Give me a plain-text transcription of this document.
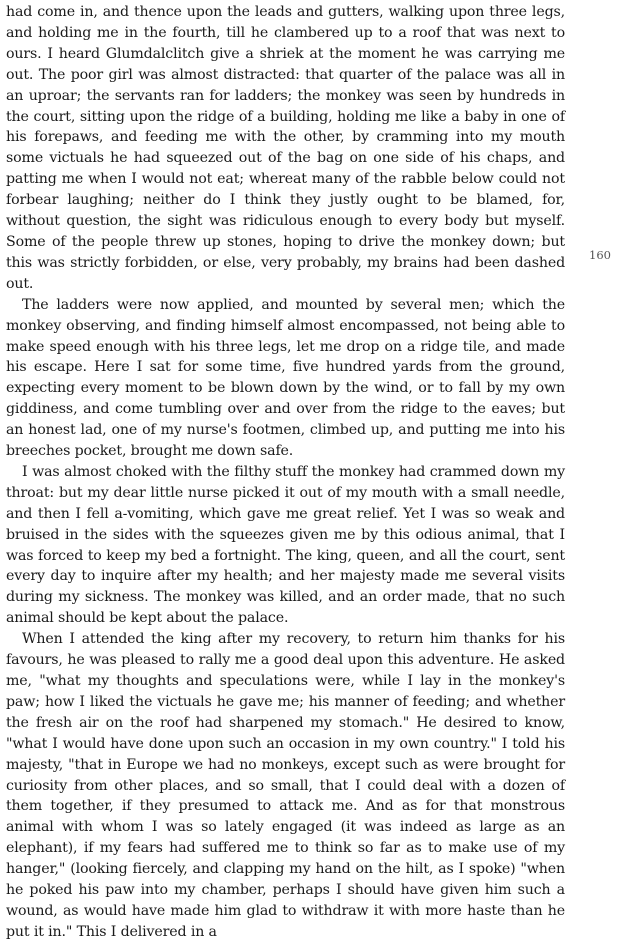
had come in, and thence upon the leads and gutters, walking upon three legs, and holding me in the fourth, till he clambered up to a roof that was next to ours. I heard Glumdalclitch give a shriek at the moment he was carrying me out. The poor girl was almost distracted: that quarter of the palace was all in an uproar; the servants ran for ladders; the monkey was seen by hundreds in the court, sitting upon the ridge of a building, holding me like a baby in one of his forepaws, and feeding me with the other, by cramming into my mouth some victuals he had squeezed out of the bag on one side of his chaps, and patting me when I would not eat; whereat many of the rabble below could not forbear laughing; neither do I think they justly ought to be blamed, for, without question, the sight was ridiculous enough to every body but myself. Some of the people threw up stones, hoping to drive the monkey down; but this was strictly forbidden, or else, very probably, my brains had been dashed out.

The ladders were now applied, and mounted by several men; which the monkey observing, and finding himself almost encompassed, not being able to make speed enough with his three legs, let me drop on a ridge tile, and made his escape. Here I sat for some time, five hundred yards from the ground, expecting every moment to be blown down by the wind, or to fall by my own giddiness, and come tumbling over and over from the ridge to the eaves; but an honest lad, one of my nurse's footmen, climbed up, and putting me into his breeches pocket, brought me down safe.

I was almost choked with the filthy stuff the monkey had crammed down my throat: but my dear little nurse picked it out of my mouth with a small needle, and then I fell a-vomiting, which gave me great relief. Yet I was so weak and bruised in the sides with the squeezes given me by this odious animal, that I was forced to keep my bed a fortnight. The king, queen, and all the court, sent every day to inquire after my health; and her majesty made me several visits during my sickness. The monkey was killed, and an order made, that no such animal should be kept about the palace.

When I attended the king after my recovery, to return him thanks for his favours, he was pleased to rally me a good deal upon this adventure. He asked me, "what my thoughts and speculations were, while I lay in the monkey's paw; how I liked the victuals he gave me; his manner of feeding; and whether the fresh air on the roof had sharpened my stomach." He desired to know, "what I would have done upon such an occasion in my own country." I told his majesty, "that in Europe we had no monkeys, except such as were brought for curiosity from other places, and so small, that I could deal with a dozen of them together, if they presumed to attack me. And as for that monstrous animal with whom I was so lately engaged (it was indeed as large as an elephant), if my fears had suffered me to think so far as to make use of my hanger," (looking fiercely, and clapping my hand on the hilt, as I spoke) "when he poked his paw into my chamber, perhaps I should have given him such a wound, as would have made him glad to withdraw it with more haste than he put it in." This I delivered in a

160
